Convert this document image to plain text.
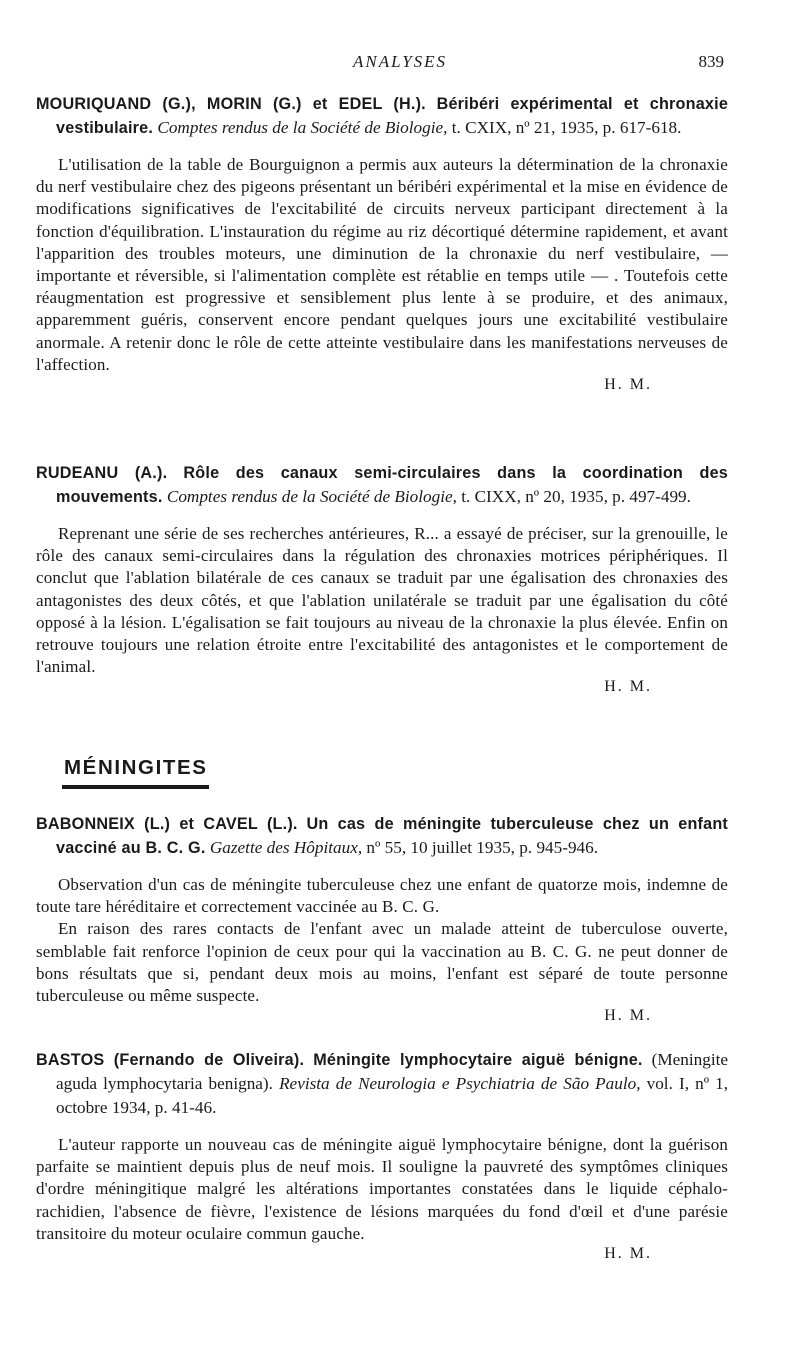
ANALYSES	839
MOURIQUAND (G.), MORIN (G.) et EDEL (H.). Béribéri expérimental et chronaxie vestibulaire. Comptes rendus de la Société de Biologie, t. CXIX, nº 21, 1935, p. 617-618.

L'utilisation de la table de Bourguignon a permis aux auteurs la détermination de la chronaxie du nerf vestibulaire chez des pigeons présentant un béribéri expérimental et la mise en évidence de modifications significatives de l'excitabilité de circuits nerveux participant directement à la fonction d'équilibration. L'instauration du régime au riz décortiqué détermine rapidement, et avant l'apparition des troubles moteurs, une diminution de la chronaxie du nerf vestibulaire, — importante et réversible, si l'alimentation complète est rétablie en temps utile — . Toutefois cette réaugmentation est progressive et sensiblement plus lente à se produire, et des animaux, apparemment guéris, conservent encore pendant quelques jours une excitabilité vestibulaire anormale. A retenir donc le rôle de cette atteinte vestibulaire dans les manifestations nerveuses de l'affection.

H. M.
RUDEANU (A.). Rôle des canaux semi-circulaires dans la coordination des mouvements. Comptes rendus de la Société de Biologie, t. CIXX, nº 20, 1935, p. 497-499.

Reprenant une série de ses recherches antérieures, R... a essayé de préciser, sur la grenouille, le rôle des canaux semi-circulaires dans la régulation des chronaxies motrices périphériques. Il conclut que l'ablation bilatérale de ces canaux se traduit par une égalisation des chronaxies des antagonistes des deux côtés, et que l'ablation unilatérale se traduit par une égalisation du côté opposé à la lésion. L'égalisation se fait toujours au niveau de la chronaxie la plus élevée. Enfin on retrouve toujours une relation étroite entre l'excitabilité des antagonistes et le comportement de l'animal.

H. M.
MÉNINGITES
BABONNEIX (L.) et CAVEL (L.). Un cas de méningite tuberculeuse chez un enfant vacciné au B. C. G. Gazette des Hôpitaux, nº 55, 10 juillet 1935, p. 945-946.

Observation d'un cas de méningite tuberculeuse chez une enfant de quatorze mois, indemne de toute tare héréditaire et correctement vaccinée au B. C. G.

En raison des rares contacts de l'enfant avec un malade atteint de tuberculose ouverte, semblable fait renforce l'opinion de ceux pour qui la vaccination au B. C. G. ne peut donner de bons résultats que si, pendant deux mois au moins, l'enfant est séparé de toute personne tuberculeuse ou même suspecte.

H. M.
BASTOS (Fernando de Oliveira). Méningite lymphocytaire aiguë bénigne. (Meningite aguda lymphocytaria benigna). Revista de Neurologia e Psychiatria de São Paulo, vol. I, nº 1, octobre 1934, p. 41-46.

L'auteur rapporte un nouveau cas de méningite aiguë lymphocytaire bénigne, dont la guérison parfaite se maintient depuis plus de neuf mois. Il souligne la pauvreté des symptômes cliniques d'ordre méningitique malgré les altérations importantes constatées dans le liquide céphalo-rachidien, l'absence de fièvre, l'existence de lésions marquées du fond d'œil et d'une parésie transitoire du moteur oculaire commun gauche.

H. M.
